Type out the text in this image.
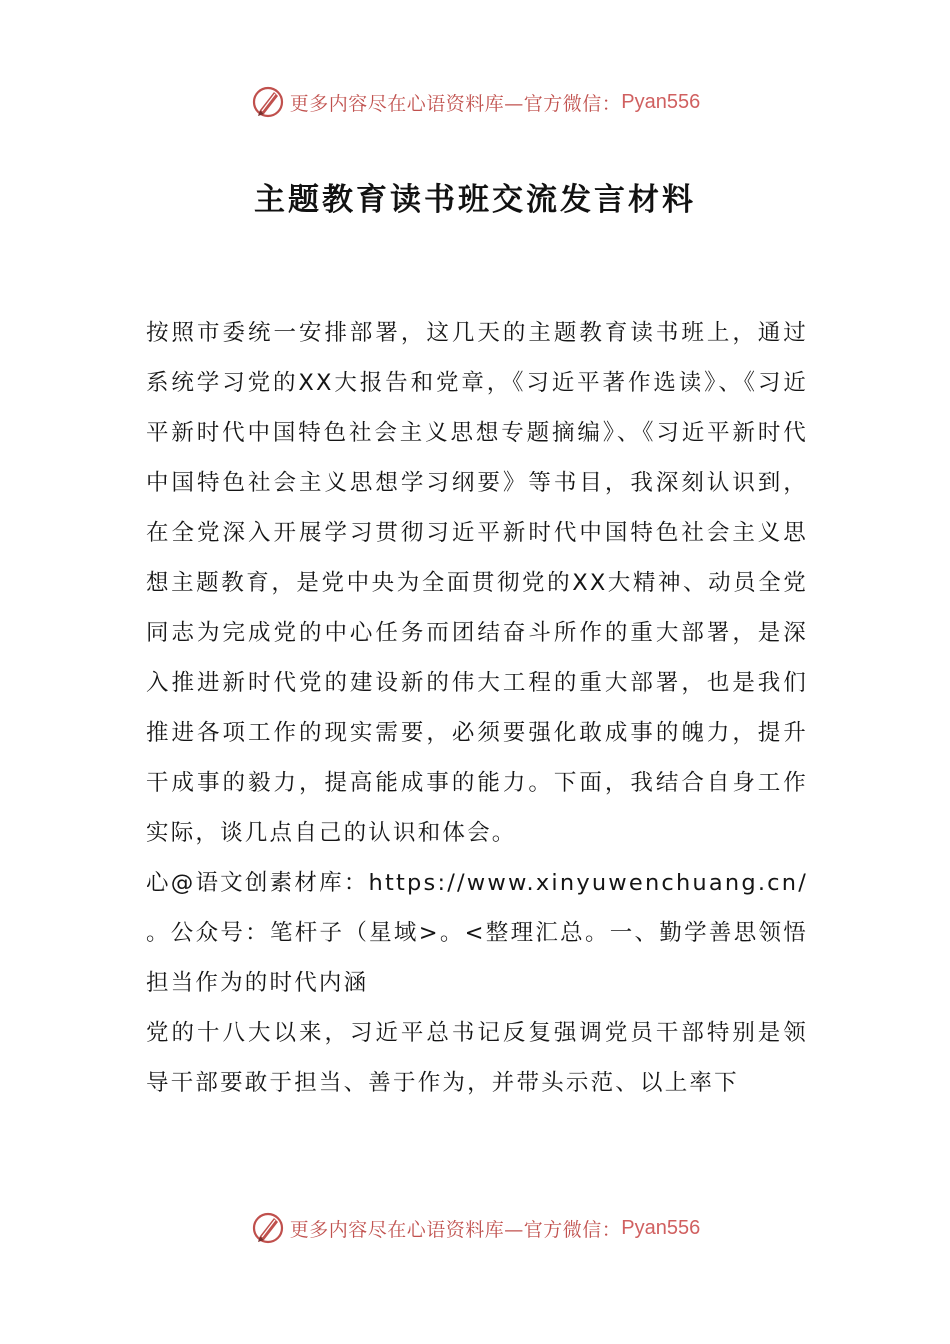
更多内容尽在心语资料库—官方微信： Pyan556
主题教育读书班交流发言材料

按照市委统一安排部署，这几天的主题教育读书班上，通过系统学习党的XX大报告和党章，《习近平著作选读》、《习近平新时代中国特色社会主义思想专题摘编》、《习近平新时代中国特色社会主义思想学习纲要》等书目，我深刻认识到，在全党深入开展学习贯彻习近平新时代中国特色社会主义思想主题教育，是党中央为全面贯彻党的XX大精神、动员全党同志为完成党的中心任务而团结奋斗所作的重大部署，是深入推进新时代党的建设新的伟大工程的重大部署，也是我们推进各项工作的现实需要，必须要强化敢成事的魄力，提升干成事的毅力，提高能成事的能力。下面，我结合自身工作实际，谈几点自己的认识和体会。

心@语文创素材库：https://www.xinyuwenchuang.cn/。公众号：笔杆子（星域>。<整理汇总。一、勤学善思领悟担当作为的时代内涵

党的十八大以来，习近平总书记反复强调党员干部特别是领导干部要敢于担当、善于作为，并带头示范、以上率下

更多内容尽在心语资料库—官方微信： Pyan556
